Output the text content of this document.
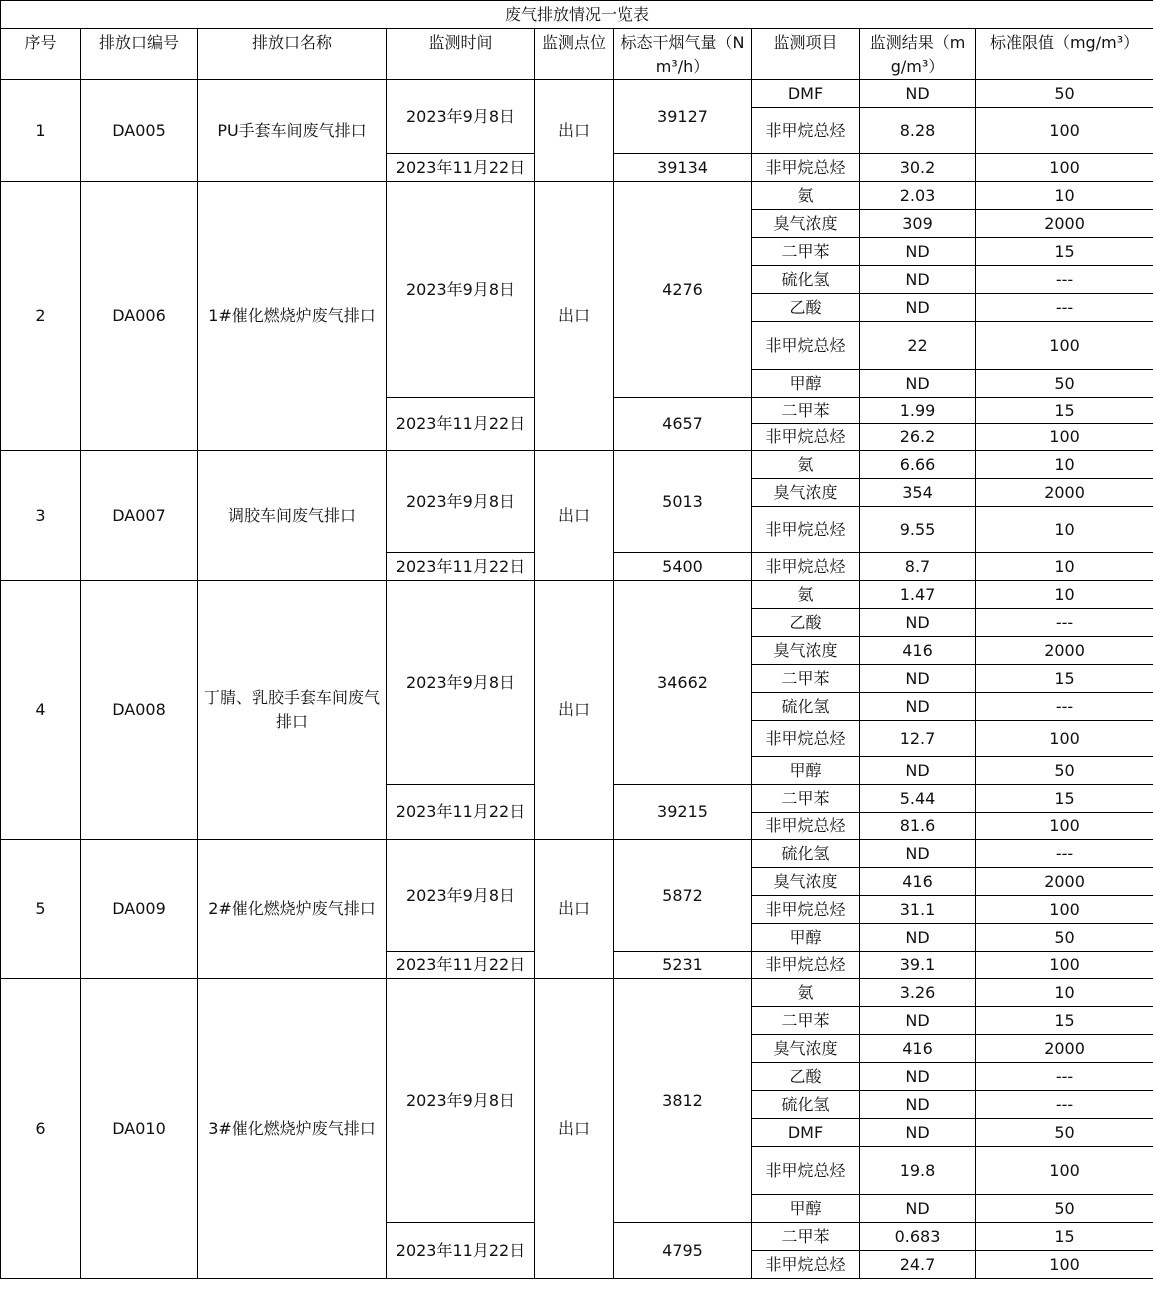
废气排放情况一览表								
序号	排放口编号	排放口名称	监测时间	监测点位	标态干烟气量（Nm³/h）	监测项目	监测结果（mg/m³）	标准限值（mg/m³）
1	DA005	PU手套车间废气排口	2023年9月8日	出口	39127	DMF	ND	50
						非甲烷总烃	8.28	100
			2023年11月22日		39134	非甲烷总烃	30.2	100
2	DA006	1#催化燃烧炉废气排口	2023年9月8日	出口	4276	氨	2.03	10
						臭气浓度	309	2000
						二甲苯	ND	15
						硫化氢	ND	---
						乙酸	ND	---
						非甲烷总烃	22	100
						甲醇	ND	50
			2023年11月22日		4657	二甲苯	1.99	15
						非甲烷总烃	26.2	100
3	DA007	调胶车间废气排口	2023年9月8日	出口	5013	氨	6.66	10
						臭气浓度	354	2000
						非甲烷总烃	9.55	10
			2023年11月22日		5400	非甲烷总烃	8.7	10
4	DA008	丁腈、乳胶手套车间废气排口	2023年9月8日	出口	34662	氨	1.47	10
						乙酸	ND	---
						臭气浓度	416	2000
						二甲苯	ND	15
						硫化氢	ND	---
						非甲烷总烃	12.7	100
						甲醇	ND	50
			2023年11月22日		39215	二甲苯	5.44	15
						非甲烷总烃	81.6	100
5	DA009	2#催化燃烧炉废气排口	2023年9月8日	出口	5872	硫化氢	ND	---
						臭气浓度	416	2000
						非甲烷总烃	31.1	100
						甲醇	ND	50
			2023年11月22日		5231	非甲烷总烃	39.1	100
6	DA010	3#催化燃烧炉废气排口	2023年9月8日	出口	3812	氨	3.26	10
						二甲苯	ND	15
						臭气浓度	416	2000
						乙酸	ND	---
						硫化氢	ND	---
						DMF	ND	50
						非甲烷总烃	19.8	100
						甲醇	ND	50
			2023年11月22日		4795	二甲苯	0.683	15
						非甲烷总烃	24.7	100
